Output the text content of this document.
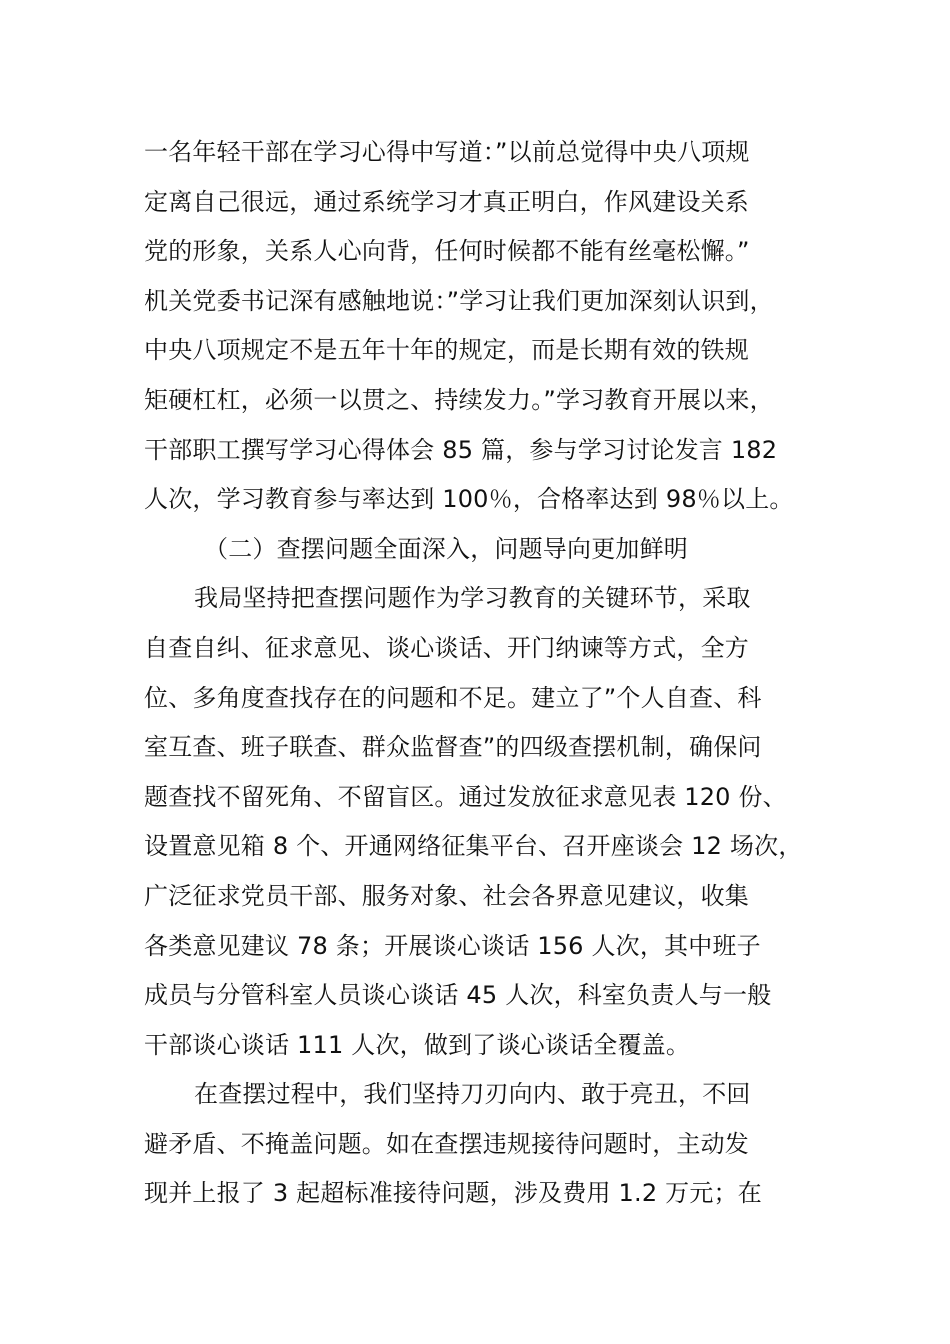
一名年轻干部在学习心得中写道：”以前总觉得中央八项规
定离自己很远，通过系统学习才真正明白，作风建设关系
党的形象，关系人心向背，任何时候都不能有丝毫松懈。”
机关党委书记深有感触地说：”学习让我们更加深刻认识到，
中央八项规定不是五年十年的规定，而是长期有效的铁规
矩硬杠杠，必须一以贯之、持续发力。”学习教育开展以来，
干部职工撰写学习心得体会 85 篇，参与学习讨论发言 182
人次，学习教育参与率达到 100％，合格率达到 98％以上。
（二）查摆问题全面深入，问题导向更加鲜明
我局坚持把查摆问题作为学习教育的关键环节，采取
自查自纠、征求意见、谈心谈话、开门纳谏等方式，全方
位、多角度查找存在的问题和不足。建立了”个人自查、科
室互查、班子联查、群众监督查”的四级查摆机制，确保问
题查找不留死角、不留盲区。通过发放征求意见表 120 份、
设置意见箱 8 个、开通网络征集平台、召开座谈会 12 场次，
广泛征求党员干部、服务对象、社会各界意见建议，收集
各类意见建议 78 条；开展谈心谈话 156 人次，其中班子
成员与分管科室人员谈心谈话 45 人次，科室负责人与一般
干部谈心谈话 111 人次，做到了谈心谈话全覆盖。
在查摆过程中，我们坚持刀刃向内、敢于亮丑，不回
避矛盾、不掩盖问题。如在查摆违规接待问题时，主动发
现并上报了 3 起超标准接待问题，涉及费用 1.2 万元；在
